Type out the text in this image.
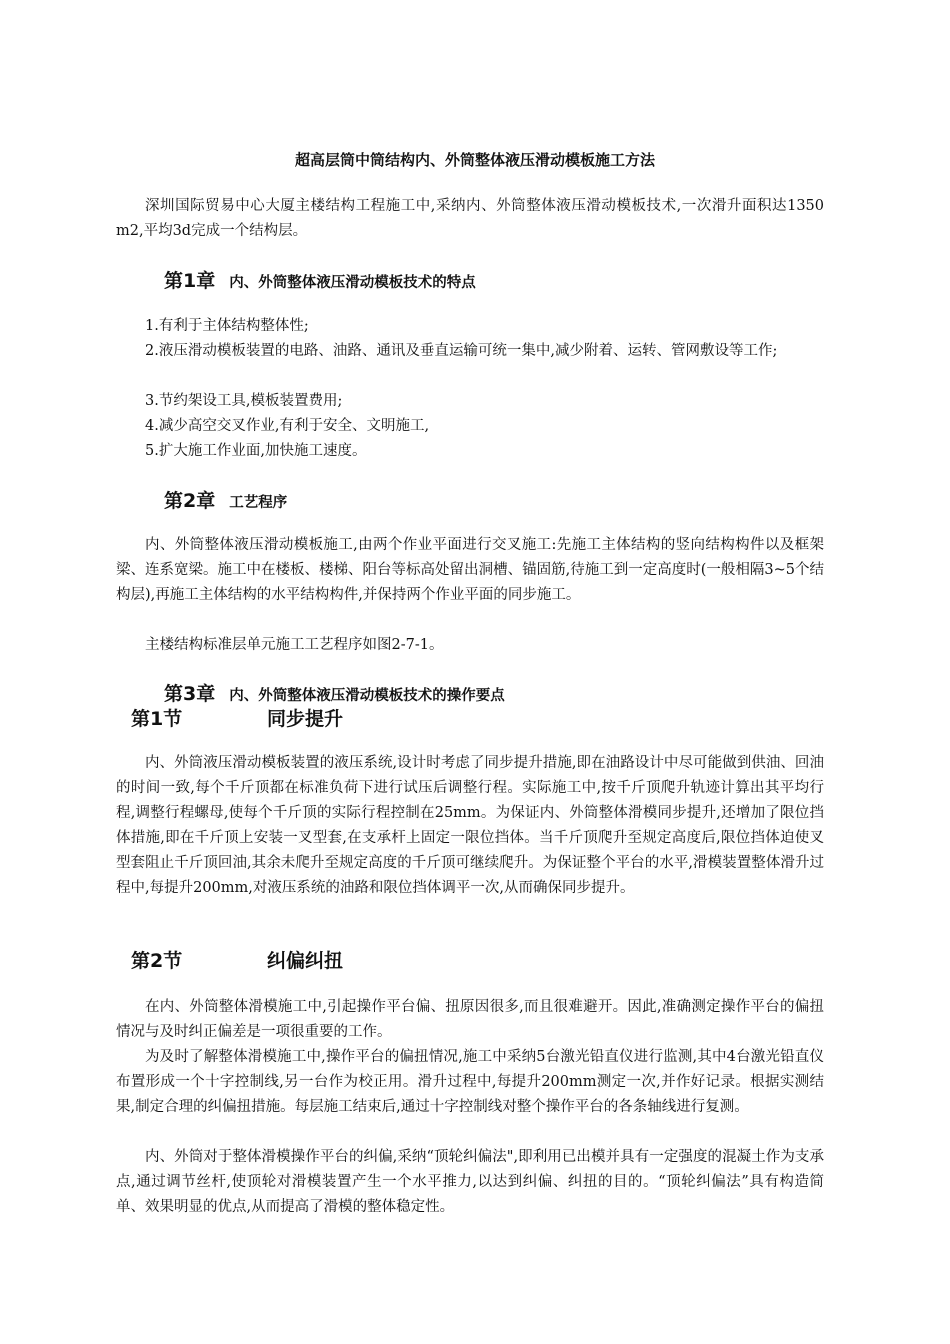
超高层筒中筒结构内、外筒整体液压滑动模板施工方法
深圳国际贸易中心大厦主楼结构工程施工中,采纳内、外筒整体液压滑动模板技术,一次滑升面积达1350 m2,平均3d完成一个结构层。
第1章 内、外筒整体液压滑动模板技术的特点
1.有利于主体结构整体性;
2.液压滑动模板装置的电路、油路、通讯及垂直运输可统一集中,减少附着、运转、管网敷设等工作;
3.节约架设工具,模板装置费用;
4.减少高空交叉作业,有利于安全、文明施工,
5.扩大施工作业面,加快施工速度。
第2章 工艺程序
内、外筒整体液压滑动模板施工,由两个作业平面进行交叉施工:先施工主体结构的竖向结构构件以及框架梁、连系宽梁。施工中在楼板、楼梯、阳台等标高处留出洞槽、锚固筋,待施工到一定高度时(一般相隔3~5个结构层),再施工主体结构的水平结构构件,并保持两个作业平面的同步施工。
主楼结构标准层单元施工工艺程序如图2-7-1。
第3章 内、外筒整体液压滑动模板技术的操作要点
第1节	同步提升
内、外筒液压滑动模板装置的液压系统,设计时考虑了同步提升措施,即在油路设计中尽可能做到供油、回油的时间一致,每个千斤顶都在标准负荷下进行试压后调整行程。实际施工中,按千斤顶爬升轨迹计算出其平均行程,调整行程螺母,使每个千斤顶的实际行程控制在25mm。为保证内、外筒整体滑模同步提升,还增加了限位挡体措施,即在千斤顶上安装一叉型套,在支承杆上固定一限位挡体。当千斤顶爬升至规定高度后,限位挡体迫使叉型套阻止千斤顶回油,其余未爬升至规定高度的千斤顶可继续爬升。为保证整个平台的水平,滑模装置整体滑升过程中,每提升200mm,对液压系统的油路和限位挡体调平一次,从而确保同步提升。
第2节	纠偏纠扭
在内、外筒整体滑模施工中,引起操作平台偏、扭原因很多,而且很难避开。因此,准确测定操作平台的偏扭情况与及时纠正偏差是一项很重要的工作。
为及时了解整体滑模施工中,操作平台的偏扭情况,施工中采纳5台激光铅直仪进行监测,其中4台激光铅直仪布置形成一个十字控制线,另一台作为校正用。滑升过程中,每提升200mm测定一次,并作好记录。根据实测结果,制定合理的纠偏扭措施。每层施工结束后,通过十字控制线对整个操作平台的各条轴线进行复测。
内、外筒对于整体滑模操作平台的纠偏,采纳“顶轮纠偏法",即利用已出模并具有一定强度的混凝土作为支承点,通过调节丝杆,使顶轮对滑模装置产生一个水平推力,以达到纠偏、纠扭的目的。“顶轮纠偏法”具有构造简单、效果明显的优点,从而提高了滑模的整体稳定性。
